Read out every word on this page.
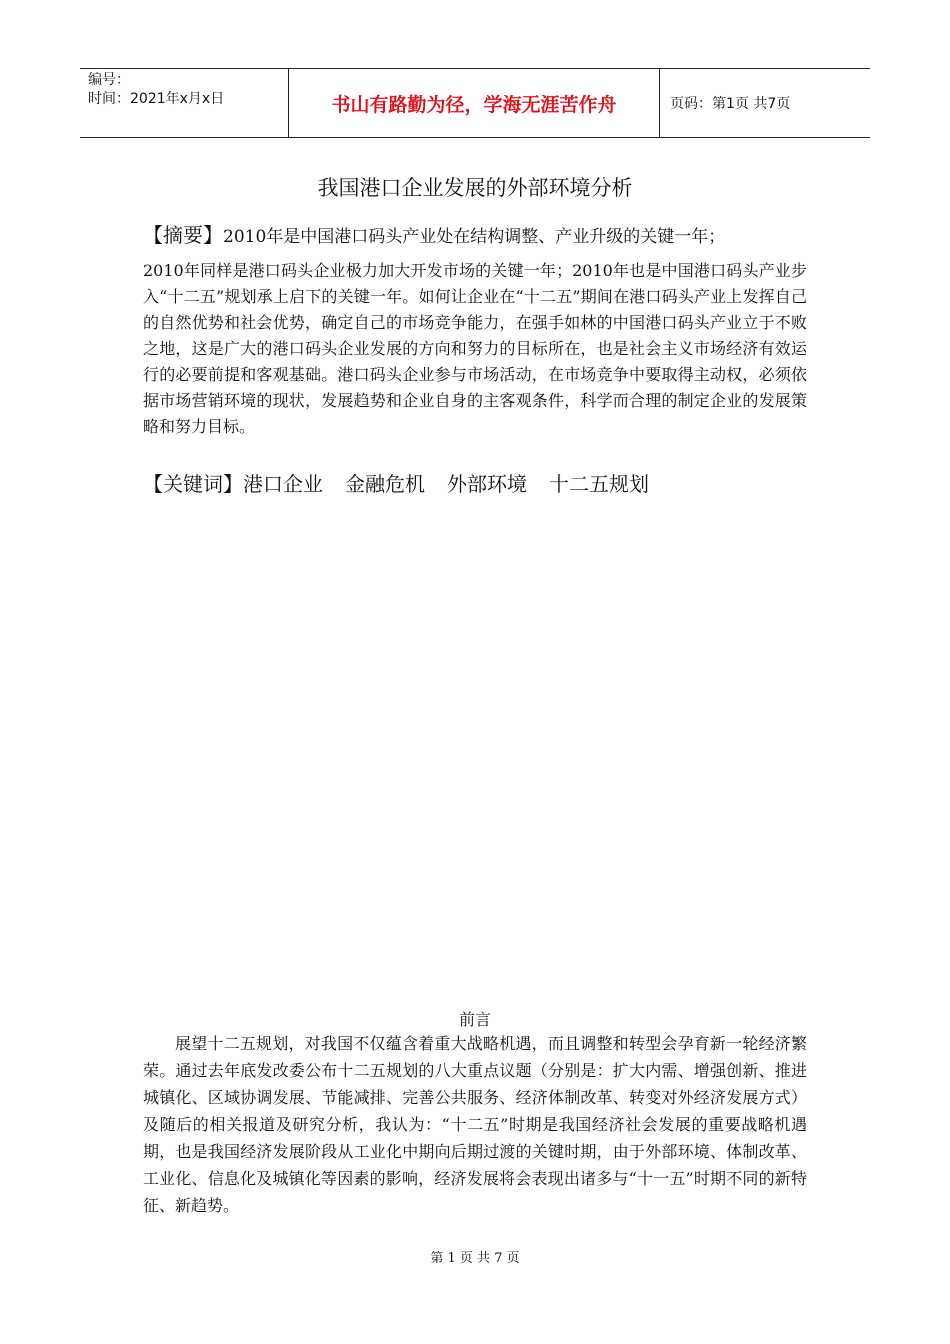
编号：
时间：2021年x月x日	书山有路勤为径，学海无涯苦作舟	页码：第1页 共7页
我国港口企业发展的外部环境分析
【摘要】2010年是中国港口码头产业处在结构调整、产业升级的关键一年；
2010年同样是港口码头企业极力加大开发市场的关键一年；2010年也是中国港口码头产业步入“十二五”规划承上启下的关键一年。如何让企业在“十二五”期间在港口码头产业上发挥自己的自然优势和社会优势，确定自己的市场竞争能力，在强手如林的中国港口码头产业立于不败之地，这是广大的港口码头企业发展的方向和努力的目标所在，也是社会主义市场经济有效运行的必要前提和客观基础。港口码头企业参与市场活动，在市场竞争中要取得主动权，必须依据市场营销环境的现状，发展趋势和企业自身的主客观条件，科学而合理的制定企业的发展策略和努力目标。
【关键词】港口企业 金融危机 外部环境 十二五规划
前言
展望十二五规划，对我国不仅蕴含着重大战略机遇，而且调整和转型会孕育新一轮经济繁荣。通过去年底发改委公布十二五规划的八大重点议题（分别是：扩大内需、增强创新、推进城镇化、区域协调发展、节能减排、完善公共服务、经济体制改革、转变对外经济发展方式）及随后的相关报道及研究分析，我认为：“十二五”时期是我国经济社会发展的重要战略机遇期，也是我国经济发展阶段从工业化中期向后期过渡的关键时期，由于外部环境、体制改革、工业化、信息化及城镇化等因素的影响，经济发展将会表现出诸多与“十一五”时期不同的新特征、新趋势。
第 1 页 共 7 页
